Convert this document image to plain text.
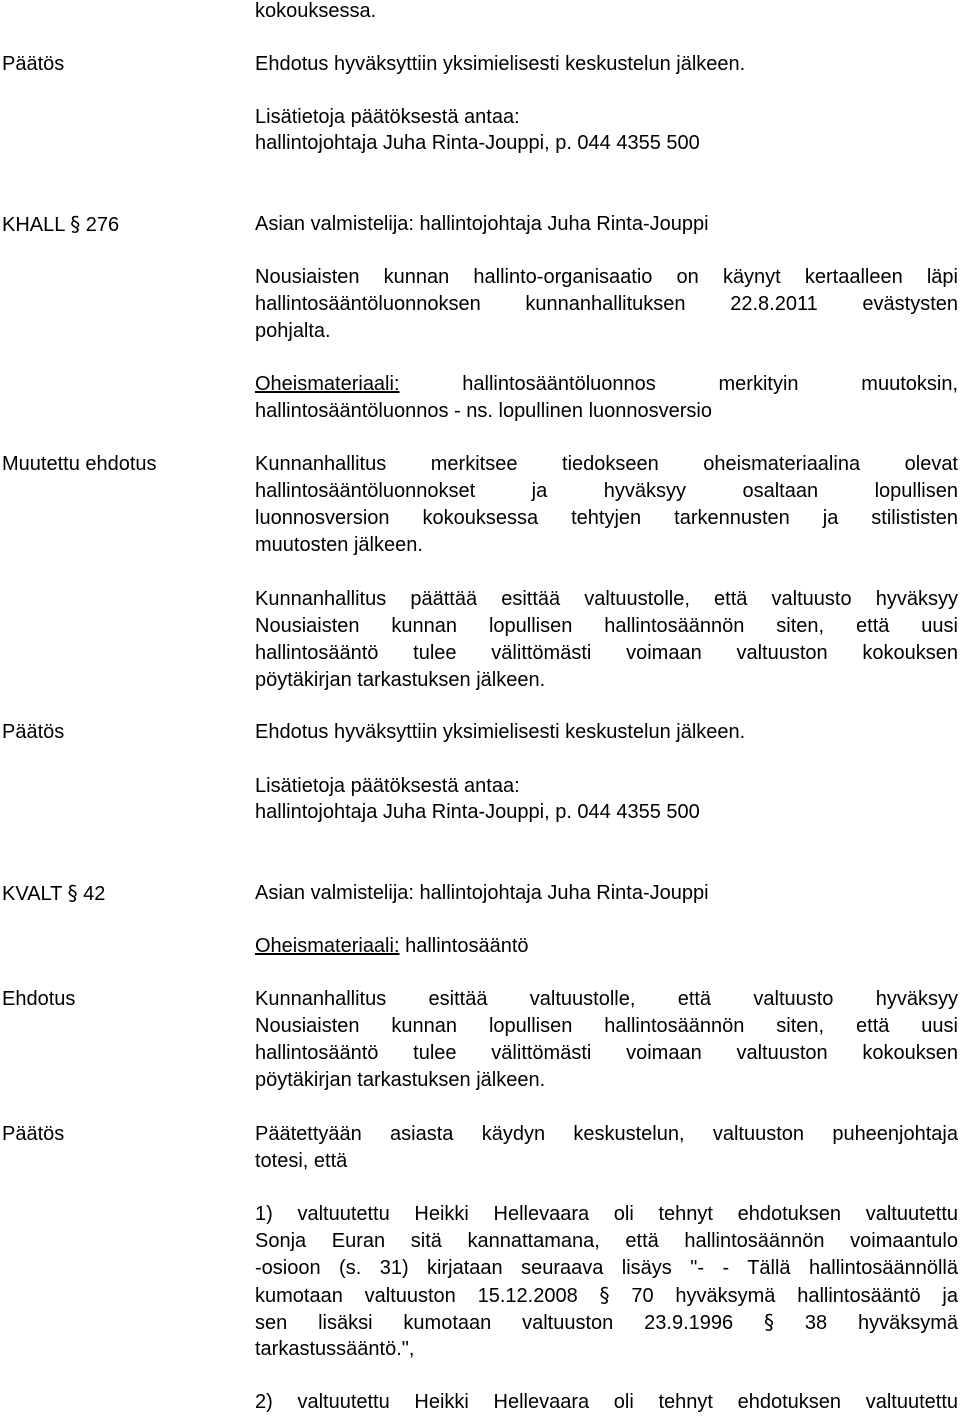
kokouksessa.
Päätös	Ehdotus hyväksyttiin yksimielisesti keskustelun jälkeen.
Lisätietoja päätöksestä antaa:
hallintojohtaja Juha Rinta-Jouppi, p. 044 4355 500
KHALL § 276	Asian valmistelija: hallintojohtaja Juha Rinta-Jouppi
Nousiaisten kunnan hallinto-organisaatio on käynyt kertaalleen läpi
hallintosääntöluonnoksen kunnanhallituksen 22.8.2011 evästysten
pohjalta.
Oheismateriaali:	hallintosääntöluonnos merkityin muutoksin,
hallintosääntöluonnos - ns. lopullinen luonnosversio
Muutettu ehdotus	Kunnanhallitus merkitsee tiedokseen oheismateriaalina olevat
hallintosääntöluonnokset ja hyväksyy osaltaan lopullisen
luonnosversion kokouksessa tehtyjen tarkennusten ja stilististen
muutosten jälkeen.
Kunnanhallitus päättää esittää valtuustolle, että valtuusto hyväksyy
Nousiaisten kunnan lopullisen hallintosäännön siten, että uusi
hallintosääntö tulee välittömästi voimaan valtuuston kokouksen
pöytäkirjan tarkastuksen jälkeen.
Päätös	Ehdotus hyväksyttiin yksimielisesti keskustelun jälkeen.
Lisätietoja päätöksestä antaa:
hallintojohtaja Juha Rinta-Jouppi, p. 044 4355 500
KVALT § 42	Asian valmistelija: hallintojohtaja Juha Rinta-Jouppi
Oheismateriaali: hallintosääntö
Ehdotus	Kunnanhallitus esittää valtuustolle, että valtuusto hyväksyy
Nousiaisten kunnan lopullisen hallintosäännön siten, että uusi
hallintosääntö tulee välittömästi voimaan valtuuston kokouksen
pöytäkirjan tarkastuksen jälkeen.
Päätös	Päätettyään asiasta käydyn keskustelun, valtuuston puheenjohtaja
totesi, että
1) valtuutettu Heikki Hellevaara oli tehnyt ehdotuksen valtuutettu
Sonja Euran sitä kannattamana, että hallintosäännön voimaantulo
-osioon (s. 31) kirjataan seuraava lisäys "- - Tällä hallintosäännöllä
kumotaan valtuuston 15.12.2008 § 70 hyväksymä hallintosääntö ja
sen lisäksi kumotaan valtuuston 23.9.1996 § 38 hyväksymä
tarkastussääntö.",
2) valtuutettu Heikki Hellevaara oli tehnyt ehdotuksen valtuutettu
